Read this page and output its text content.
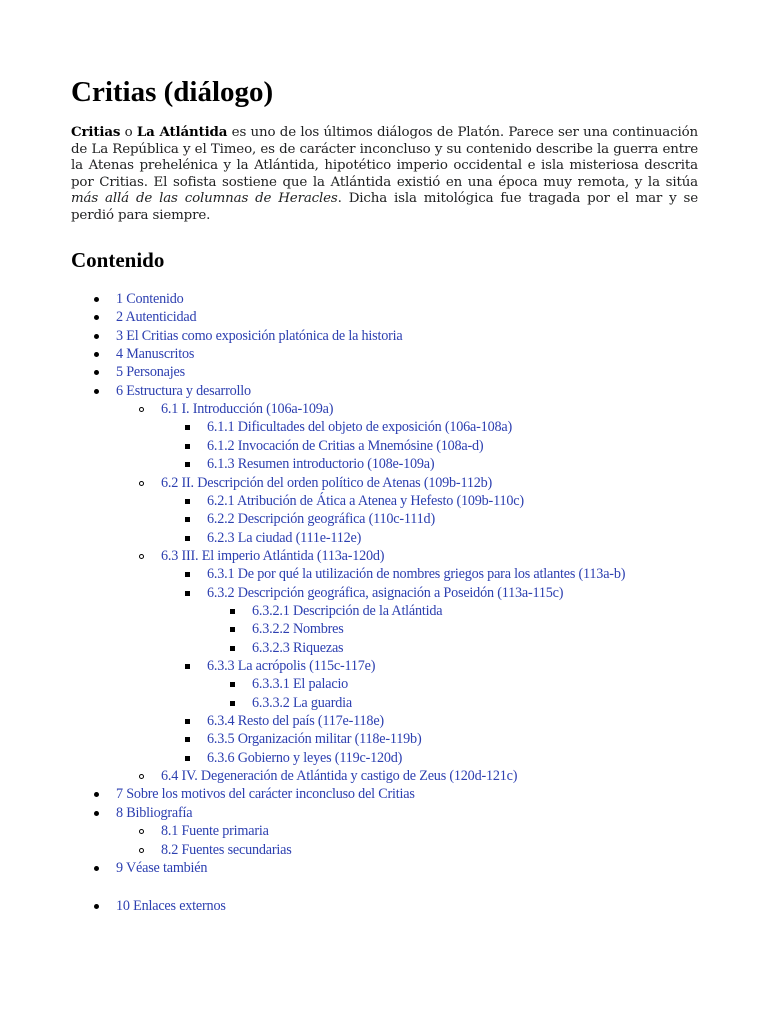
Critias (diálogo)

Critias o La Atlántida es uno de los últimos diálogos de Platón. Parece ser una continuación de La República y el Timeo, es de carácter inconcluso y su contenido describe la guerra entre la Atenas prehelénica y la Atlántida, hipotético imperio occidental e isla misteriosa descrita por Critias. El sofista sostiene que la Atlántida existió en una época muy remota, y la sitúa más allá de las columnas de Heracles. Dicha isla mitológica fue tragada por el mar y se perdió para siempre.

Contenido
1 Contenido
2 Autenticidad
3 El Critias como exposición platónica de la historia
4 Manuscritos
5 Personajes
6 Estructura y desarrollo
6.1 I. Introducción (106a-109a)
6.1.1 Dificultades del objeto de exposición (106a-108a)
6.1.2 Invocación de Critias a Mnemósine (108a-d)
6.1.3 Resumen introductorio (108e-109a)
6.2 II. Descripción del orden político de Atenas (109b-112b)
6.2.1 Atribución de Ática a Atenea y Hefesto (109b-110c)
6.2.2 Descripción geográfica (110c-111d)
6.2.3 La ciudad (111e-112e)
6.3 III. El imperio Atlántida (113a-120d)
6.3.1 De por qué la utilización de nombres griegos para los atlantes (113a-b)
6.3.2 Descripción geográfica, asignación a Poseidón (113a-115c)
6.3.2.1 Descripción de la Atlántida
6.3.2.2 Nombres
6.3.2.3 Riquezas
6.3.3 La acrópolis (115c-117e)
6.3.3.1 El palacio
6.3.3.2 La guardia
6.3.4 Resto del país (117e-118e)
6.3.5 Organización militar (118e-119b)
6.3.6 Gobierno y leyes (119c-120d)
6.4 IV. Degeneración de Atlántida y castigo de Zeus (120d-121c)
7 Sobre los motivos del carácter inconcluso del Critias
8 Bibliografía
8.1 Fuente primaria
8.2 Fuentes secundarias
9 Véase también
10 Enlaces externos
